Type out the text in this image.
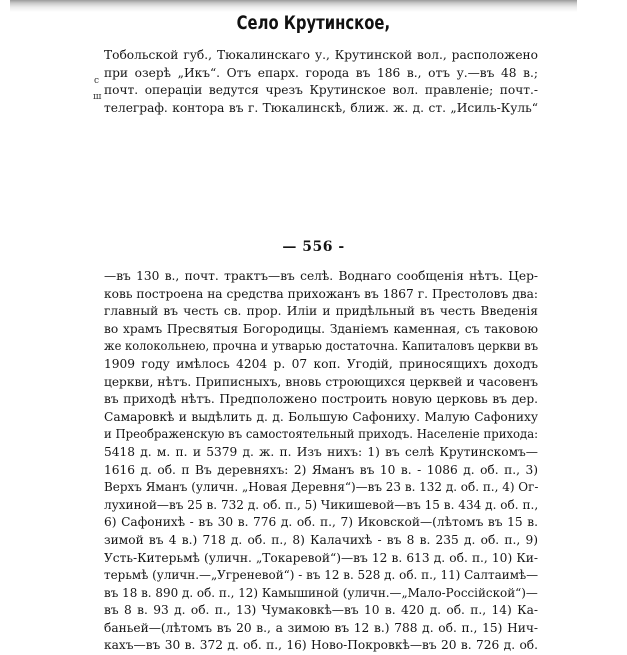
Село Крутинское,
Тобольской губ., Тюкалинскаго у., Крутинской вол., расположено
при озерѣ „Икъ“. Отъ епарх. города въ 186 в., отъ у.—въ 48 в.;
почт. операціи ведутся чрезъ Крутинское вол. правленіе; почт.-
телеграф. контора въ г. Тюкалинскѣ, ближ. ж. д. ст. „Исиль-Куль“
с
ш
— 556 -
—въ 130 в., почт. трактъ—въ селѣ. Воднаго сообщенія нѣтъ. Цер-
ковь построена на средства прихожанъ въ 1867 г. Престоловъ два:
главный въ честь св. прор. Иліи и придѣльный въ честь Введенія
во храмъ Пресвятыя Богородицы. Зданіемъ каменная, съ таковою
же колокольнею, прочна и утварью достаточна. Капиталовъ церкви въ
1909 году имѣлось 4204 р. 07 коп. Угодій, приносящихъ доходъ
церкви, нѣтъ. Приписныхъ, вновь строющихся церквей и часовенъ
въ приходѣ нѣтъ. Предположено построить новую церковь въ дер.
Самаровкѣ и выдѣлить д. д. Большую Сафониху. Малую Сафониху
и Преображенскую въ самостоятельный приходъ. Населеніе прихода:
5418 д. м. п. и 5379 д. ж. п. Изъ нихъ: 1) въ селѣ Крутинскомъ—
1616 д. об. п Въ деревняхъ: 2) Яманъ въ 10 в. - 1086 д. об. п., 3)
Верхъ Яманъ (уличн. „Новая Деревня“)—въ 23 в. 132 д. об. п., 4) Ог-
лухиной—въ 25 в. 732 д. об. п., 5) Чикишевой—въ 15 в. 434 д. об. п.,
6) Сафонихѣ - въ 30 в. 776 д. об. п., 7) Иковской—(лѣтомъ въ 15 в.
зимой въ 4 в.) 718 д. об. п., 8) Калачихѣ - въ 8 в. 235 д. об. п., 9)
Усть-Китерьмѣ (уличн. „Токаревой“)—въ 12 в. 613 д. об. п., 10) Ки-
терьмѣ (уличн.—„Угреневой“) - въ 12 в. 528 д. об. п., 11) Салтаимѣ—
въ 18 в. 890 д. об. п., 12) Камышиной (уличн.—„Мало-Россійской“)—
въ 8 в. 93 д. об. п., 13) Чумаковкѣ—въ 10 в. 420 д. об. п., 14) Ка-
баньей—(лѣтомъ въ 20 в., а зимою въ 12 в.) 788 д. об. п., 15) Нич-
кахъ—въ 30 в. 372 д. об. п., 16) Ново-Покровкѣ—въ 20 в. 726 д. об.
